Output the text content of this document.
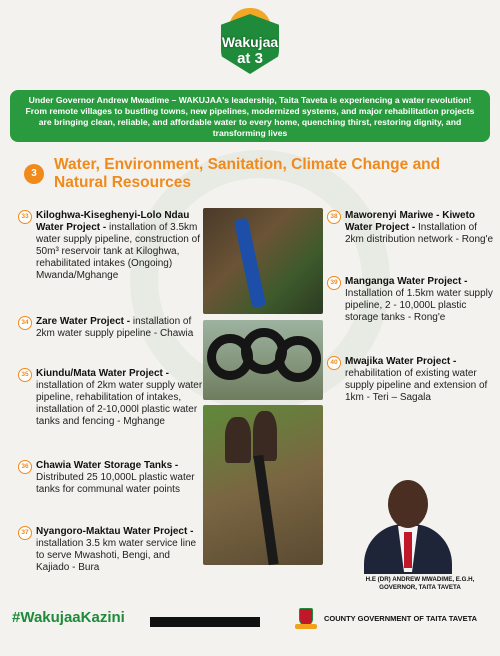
Wakujaa
at 3
Under Governor Andrew Mwadime – WAKUJAA's leadership, Taita Taveta is experiencing a water revolution! From remote villages to bustling towns, new pipelines, modernized systems, and major rehabilitation projects are bringing clean, reliable, and affordable water to every home, quenching thirst, restoring dignity, and transforming lives
3
Water, Environment, Sanitation, Climate Change and Natural Resources
33 Kiloghwa-Kiseghenyi-Lolo Ndau Water Project - installation of 3.5km water supply pipeline, construction of 50m³ reservoir tank at Kiloghwa, rehabilitated intakes (Ongoing) Mwanda/Mghange
34 Zare Water Project - installation of 2km water supply pipeline - Chawia
35 Kiundu/Mata Water Project - installation of 2km water supply water pipeline, rehabilitation of intakes, installation of 2-10,000l plastic water tanks and fencing - Mghange
36 Chawia Water Storage Tanks - Distributed 25 10,000L plastic water tanks for communal water points
37 Nyangoro-Maktau Water Project - installation 3.5 km water service line to serve Mwashoti, Bengi, and Kajiado - Bura
38 Maworenyi Mariwe - Kiweto Water Project - Installation of 2km distribution network - Rong'e
39 Manganga Water Project - Installation of 1.5km water supply pipeline, 2 - 10,000L plastic storage tanks - Rong'e
40 Mwajika Water Project - rehabilitation of existing water supply pipeline and extension of 1km - Teri – Sagala
H.E (DR) ANDREW MWADIME, E.G.H,
GOVERNOR, TAITA TAVETA
#WakujaaKazini	COUNTY GOVERNMENT OF TAITA TAVETA
